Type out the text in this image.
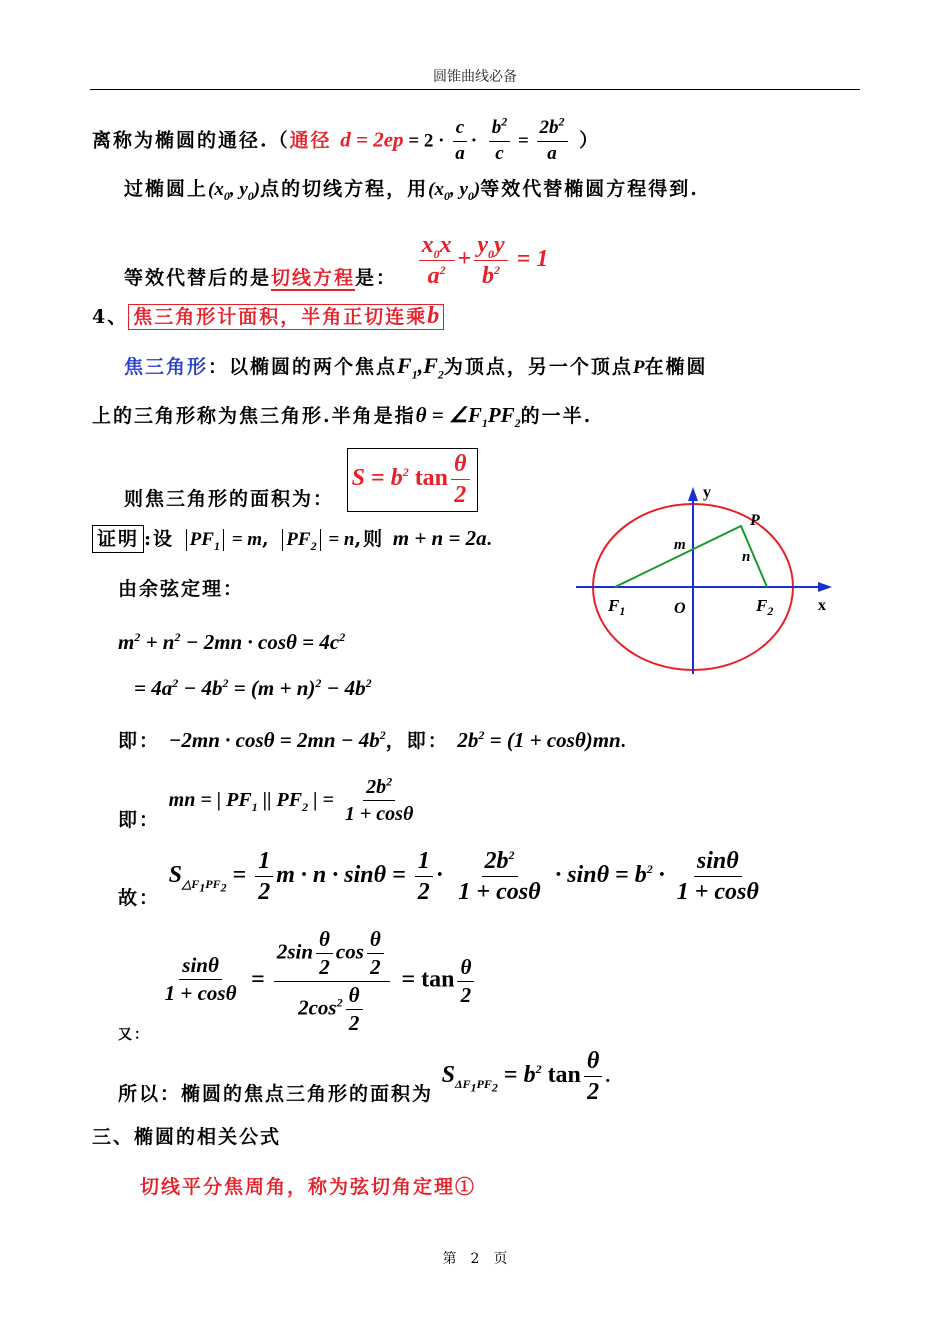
圆锥曲线必备
离称为椭圆的通径.（通径 $d = 2ep = 2 \cdot \frac{c}{a} \cdot \frac{b^2}{c} = \frac{2b^2}{a}$ ）
过椭圆上($x_0$, $y_0$)点的切线方程，用($x_0$, $y_0$)等效代替椭圆方程得到.
等效代替后的是切线方程是： $\frac{x_0x}{a^2} + \frac{y_0y}{b^2} = 1$
4、 焦三角形计面积，半角正切连乘b
焦三角形：以椭圆的两个焦点$F_1,F_2$为顶点，另一个顶点P在椭圆
上的三角形称为焦三角形.半角是指$\theta = \angle F_1PF_2$的一半.
则焦三角形的面积为： $S = b^2$ $\tan \frac{\theta}{2}$
证明 :设 $PF_1 = m$, $PF_2 = n$,则 m + n = 2a.
由余弦定理：
$m^2 + n^2 - 2mn \cdot \cos\theta = 4c^2$
= $4a^2 - 4b^2 = (m + n)^2 - 4b^2$
即： $-2mn \cdot \cos\theta = 2mn - 4b^2$，即： $2b^2 = (1 + \cos\theta)mn$.
即： mn = | $PF_1$ || $PF_2$ | = $\frac{2b^2}{1 + \cos\theta}$
故： $S_{\triangle F_1PF_2} = \frac{1}{2}$ $m \cdot n \cdot \sin\theta = \frac{1}{2} \cdot \frac{2b^2}{1 + \cos\theta} \cdot \sin\theta = b^2 \cdot \frac{\sin\theta}{1 + \cos\theta}$
$_{又:}$
$\frac{\sin\theta}{1 + \cos\theta} = \frac{2\sin \frac{\theta}{2} \cos \frac{\theta}{2}}{2\cos^2 \frac{\theta}{2}} = \tan \frac{\theta}{2}$
所以：椭圆的焦点三角形的面积为 $S_{\Delta F_1PF_2} = b^2$ $\tan \frac{\theta}{2}$ .
三、椭圆的相关公式
切线平分焦周角，称为弦切角定理①
y
x
P
m
n
O
$F_1$	$F_2$
第　2　页
